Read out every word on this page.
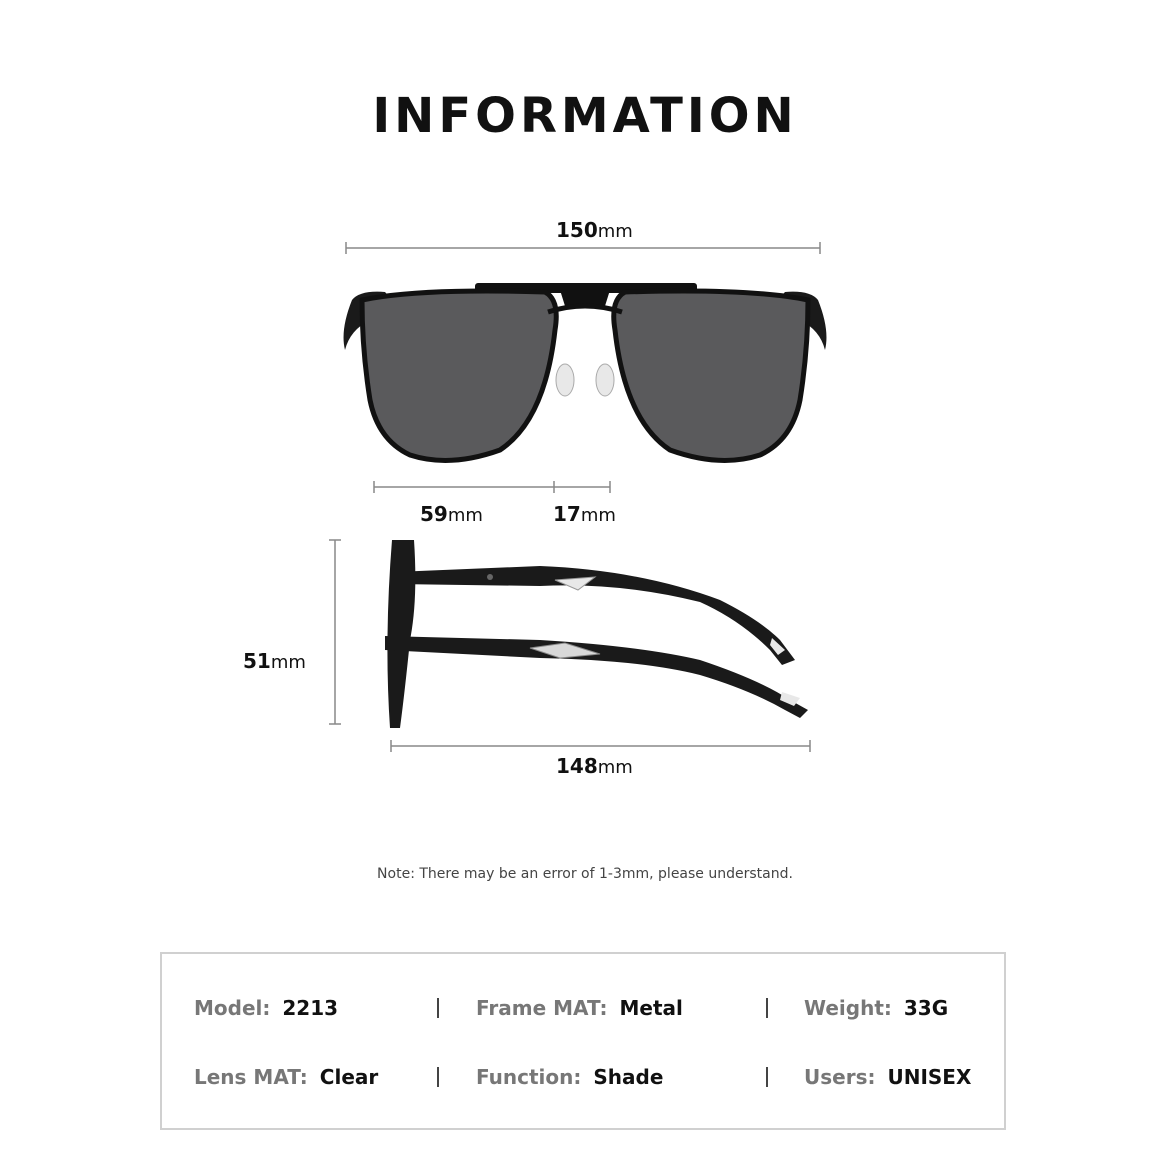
INFORMATION
150mm
59mm	17mm
51mm
148mm
Note: There may be an error of 1-3mm, please understand.
Model: 2213	Frame MAT: Metal	Weight: 33G
Lens MAT: Clear	Function: Shade	Users: UNISEX
